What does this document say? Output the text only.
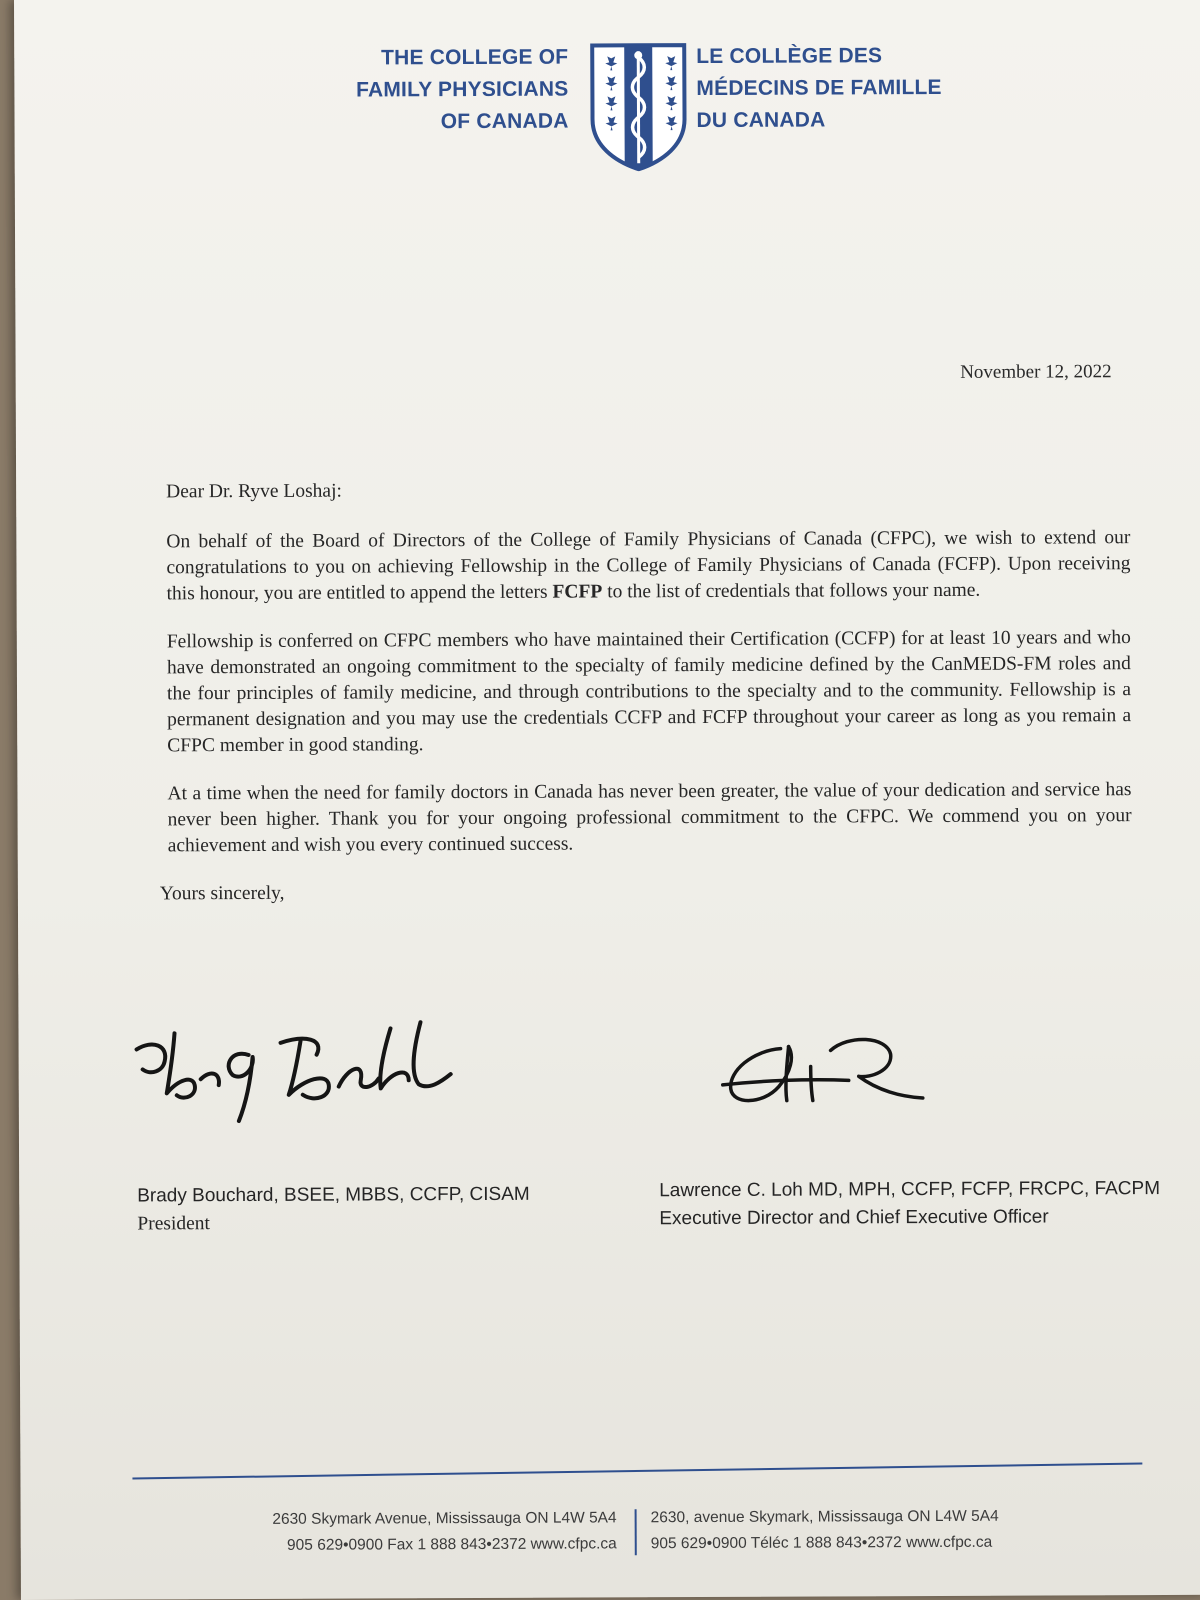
THE COLLEGE OF
FAMILY PHYSICIANS
OF CANADA
LE COLLÈGE DES
MÉDECINS DE FAMILLE
DU CANADA
November 12, 2022

Dear Dr. Ryve Loshaj:

On behalf of the Board of Directors of the College of Family Physicians of Canada (CFPC), we wish to extend our congratulations to you on achieving Fellowship in the College of Family Physicians of Canada (FCFP). Upon receiving this honour, you are entitled to append the letters FCFP to the list of credentials that follows your name.

Fellowship is conferred on CFPC members who have maintained their Certification (CCFP) for at least 10 years and who have demonstrated an ongoing commitment to the specialty of family medicine defined by the CanMEDS-FM roles and the four principles of family medicine, and through contributions to the specialty and to the community. Fellowship is a permanent designation and you may use the credentials CCFP and FCFP throughout your career as long as you remain a CFPC member in good standing.

At a time when the need for family doctors in Canada has never been greater, the value of your dedication and service has never been higher. Thank you for your ongoing professional commitment to the CFPC. We commend you on your achievement and wish you every continued success.

Yours sincerely,

Brady Bouchard, BSEE, MBBS, CCFP, CISAM
President
Lawrence C. Loh MD, MPH, CCFP, FCFP, FRCPC, FACPM
Executive Director and Chief Executive Officer
2630 Skymark Avenue, Mississauga ON L4W 5A4
905 629•0900 Fax 1 888 843•2372 www.cfpc.ca
2630, avenue Skymark, Mississauga ON L4W 5A4
905 629•0900 Téléc 1 888 843•2372 www.cfpc.ca
